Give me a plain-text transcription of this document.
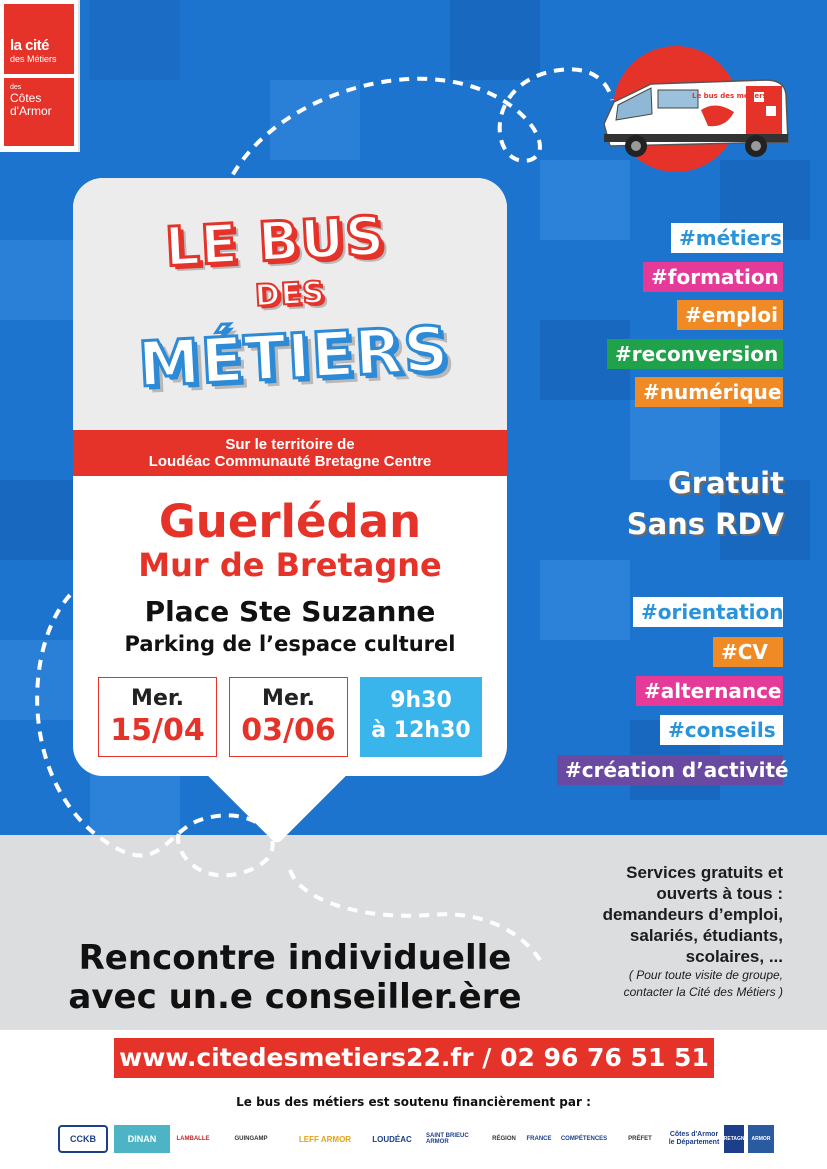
la cité
des Métiers
des
Côtes
d'Armor
Le bus des métiers
LE BUS
DES
MÉTIERS
Sur le territoire de
Loudéac Communauté Bretagne Centre
Guerlédan
Mur de Bretagne
Place Ste Suzanne
Parking de l’espace culturel
Mer.
15/04
Mer.
03/06
9h30
à 12h30
#métiers
#formation
#emploi
#reconversion
#numérique
Gratuit
Sans RDV
#orientation
#CV
#alternance
#conseils
#création d’activité
Rencontre individuelle
avec un.e conseiller.ère
Services gratuits et
ouverts à tous :
demandeurs d’emploi,
salariés, étudiants,
scolaires, ...
( Pour toute visite de groupe,
contacter la Cité des Métiers )
www.citedesmetiers22.fr / 02 96 76 51 51
Le bus des métiers est soutenu financièrement par :
CCKB	DINAN	LAMBALLE	GUINGAMP	LEFF ARMOR	LOUDÉAC	SAINT BRIEUC ARMOR	RÉGION	FRANCE	COMPÉTENCES	PRÉFET
Côtes d'Armor le Département BRETAGNE ARMOR
